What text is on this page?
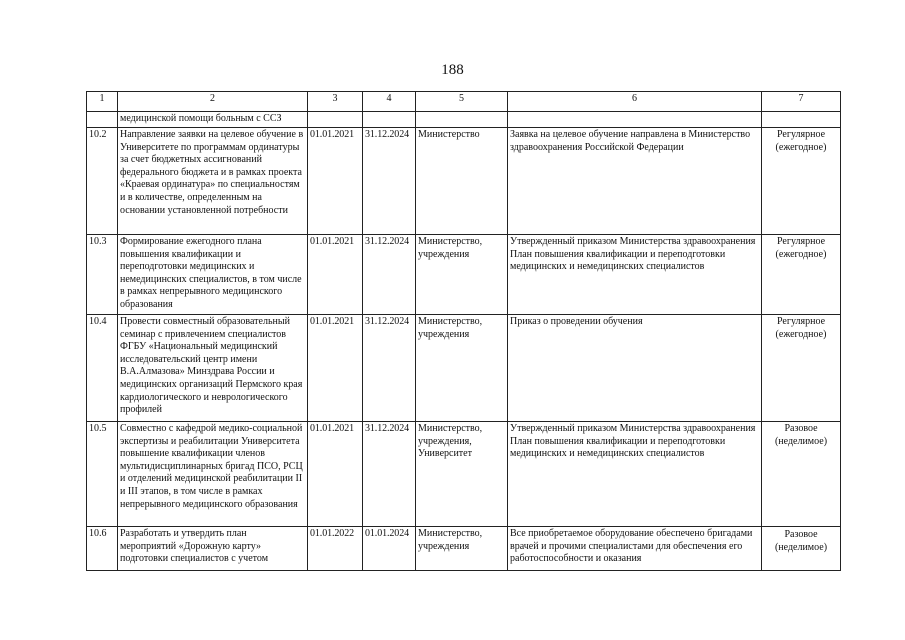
188
1	2	3	4	5	6	7
	медицинской помощи больным с ССЗ					
10.2	Направление заявки на целевое обучение в Университете по программам ординатуры за счет бюджетных ассигнований федерального бюджета и в рамках проекта «Краевая ординатура» по специальностям и в количестве, определенным на основании установленной потребности	01.01.2021	31.12.2024	Министерство	Заявка на целевое обучение направлена в Министерство здравоохранения Российской Федерации	Регулярное (ежегодное)
10.3	Формирование ежегодного плана повышения квалификации и переподготовки медицинских и немедицинских специалистов, в том числе в рамках непрерывного медицинского образования	01.01.2021	31.12.2024	Министерство, учреждения	Утвержденный приказом Министерства здравоохранения План повышения квалификации и переподготовки медицинских и немедицинских специалистов	Регулярное (ежегодное)
10.4	Провести совместный образовательный семинар с привлечением специалистов ФГБУ «Национальный медицинский исследовательский центр имени В.А.Алмазова» Минздрава России и медицинских организаций Пермского края кардиологического и неврологического профилей	01.01.2021	31.12.2024	Министерство, учреждения	Приказ о проведении обучения	Регулярное (ежегодное)
10.5	Совместно с кафедрой медико-социальной экспертизы и реабилитации Университета повышение квалификации членов мультидисциплинарных бригад ПСО, РСЦ и отделений медицинской реабилитации II и III этапов, в том числе в рамках непрерывного медицинского образования	01.01.2021	31.12.2024	Министерство, учреждения, Университет	Утвержденный приказом Министерства здравоохранения План повышения квалификации и переподготовки медицинских и немедицинских специалистов	Разовое (неделимое)
10.6	Разработать и утвердить план мероприятий «Дорожную карту» подготовки специалистов с учетом	01.01.2022	01.01.2024	Министерство, учреждения	Все приобретаемое оборудование обеспечено бригадами врачей и прочими специалистами для обеспечения его работоспособности и оказания	Разовое (неделимое)
